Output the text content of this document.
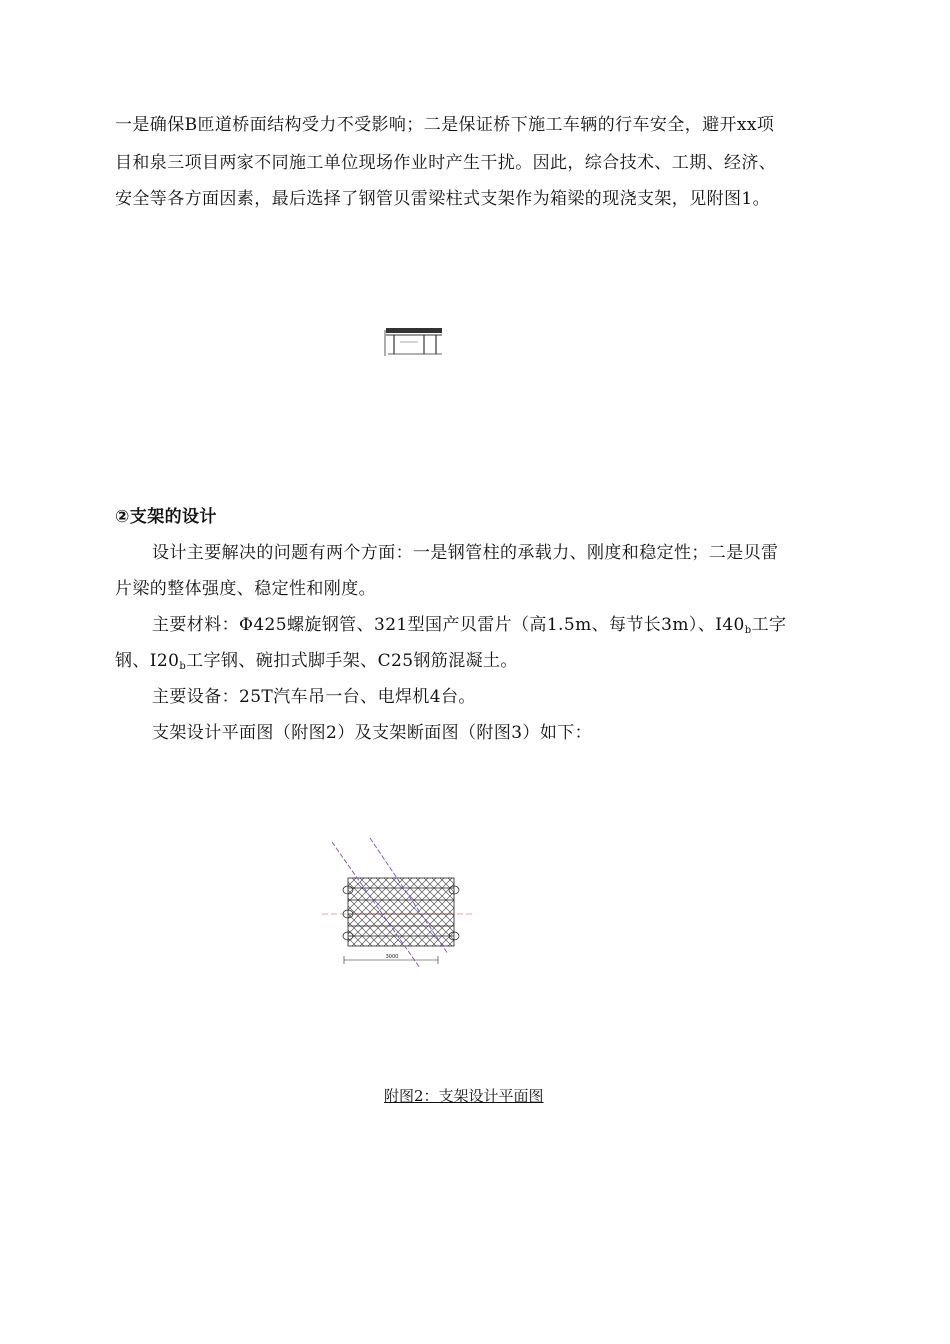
一是确保B匝道桥面结构受力不受影响；二是保证桥下施工车辆的行车安全，避开xx项
目和泉三项目两家不同施工单位现场作业时产生干扰。因此，综合技术、工期、经济、
安全等各方面因素，最后选择了钢管贝雷梁柱式支架作为箱梁的现浇支架，见附图1。
②支架的设计
设计主要解决的问题有两个方面：一是钢管柱的承载力、刚度和稳定性；二是贝雷
片梁的整体强度、稳定性和刚度。
主要材料：Φ425螺旋钢管、321型国产贝雷片（高1.5m、每节长3m）、$I40_b$工字
钢、$I20_b$工字钢、碗扣式脚手架、C25钢筋混凝土。
主要设备：25T汽车吊一台、电焊机4台。
支架设计平面图（附图2）及支架断面图（附图3）如下：
3000
附图2：支架设计平面图
